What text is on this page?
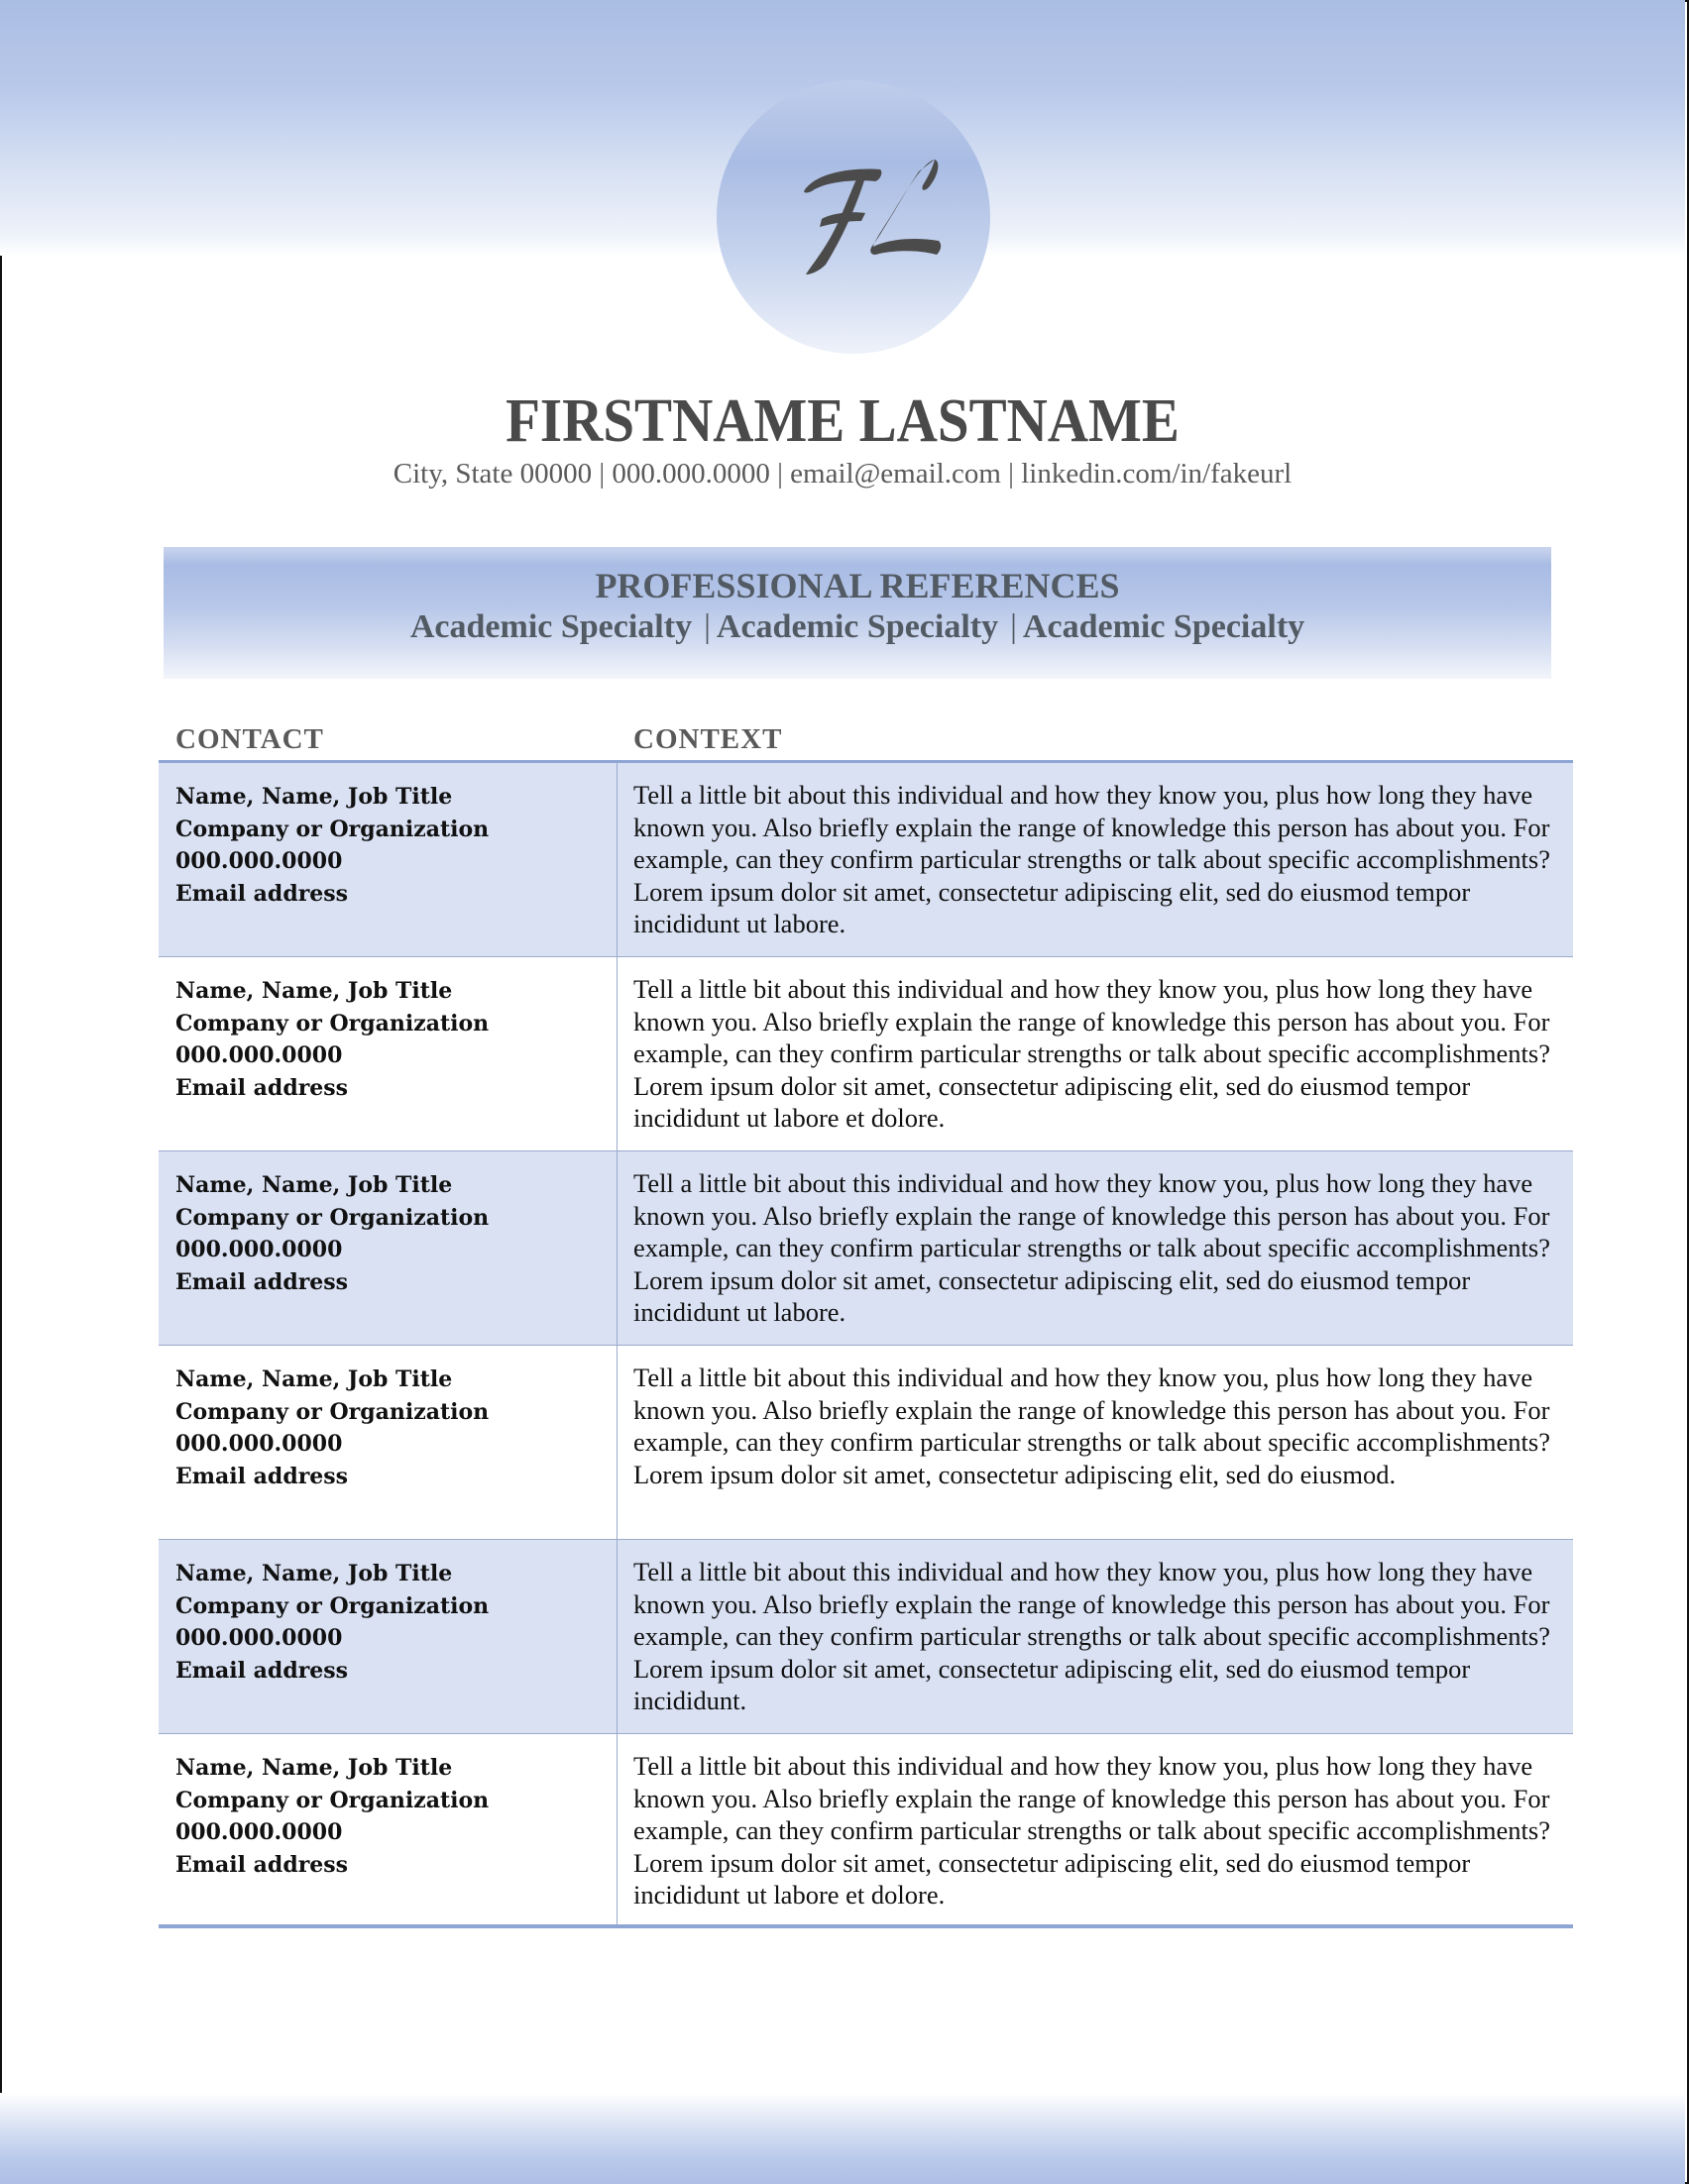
FIRSTNAME LASTNAME
City, State 00000 | 000.000.0000 | email@email.com | linkedin.com/in/fakeurl
PROFESSIONAL REFERENCES
Academic Specialty | Academic Specialty | Academic Specialty
CONTACT	CONTEXT
Name, Name, Job Title
Company or Organization
000.000.0000
Email address
Tell a little bit about this individual and how they know you, plus how long they have known you. Also briefly explain the range of knowledge this person has about you. For example, can they confirm particular strengths or talk about specific accomplishments? Lorem ipsum dolor sit amet, consectetur adipiscing elit, sed do eiusmod tempor incididunt ut labore.
Name, Name, Job Title
Company or Organization
000.000.0000
Email address
Tell a little bit about this individual and how they know you, plus how long they have known you. Also briefly explain the range of knowledge this person has about you. For example, can they confirm particular strengths or talk about specific accomplishments? Lorem ipsum dolor sit amet, consectetur adipiscing elit, sed do eiusmod tempor incididunt ut labore et dolore.
Name, Name, Job Title
Company or Organization
000.000.0000
Email address
Tell a little bit about this individual and how they know you, plus how long they have known you. Also briefly explain the range of knowledge this person has about you. For example, can they confirm particular strengths or talk about specific accomplishments? Lorem ipsum dolor sit amet, consectetur adipiscing elit, sed do eiusmod tempor incididunt ut labore.
Name, Name, Job Title
Company or Organization
000.000.0000
Email address
Tell a little bit about this individual and how they know you, plus how long they have known you. Also briefly explain the range of knowledge this person has about you. For example, can they confirm particular strengths or talk about specific accomplishments? Lorem ipsum dolor sit amet, consectetur adipiscing elit, sed do eiusmod.
Name, Name, Job Title
Company or Organization
000.000.0000
Email address
Tell a little bit about this individual and how they know you, plus how long they have known you. Also briefly explain the range of knowledge this person has about you. For example, can they confirm particular strengths or talk about specific accomplishments? Lorem ipsum dolor sit amet, consectetur adipiscing elit, sed do eiusmod tempor incididunt.
Name, Name, Job Title
Company or Organization
000.000.0000
Email address
Tell a little bit about this individual and how they know you, plus how long they have known you. Also briefly explain the range of knowledge this person has about you. For example, can they confirm particular strengths or talk about specific accomplishments? Lorem ipsum dolor sit amet, consectetur adipiscing elit, sed do eiusmod tempor incididunt ut labore et dolore.
